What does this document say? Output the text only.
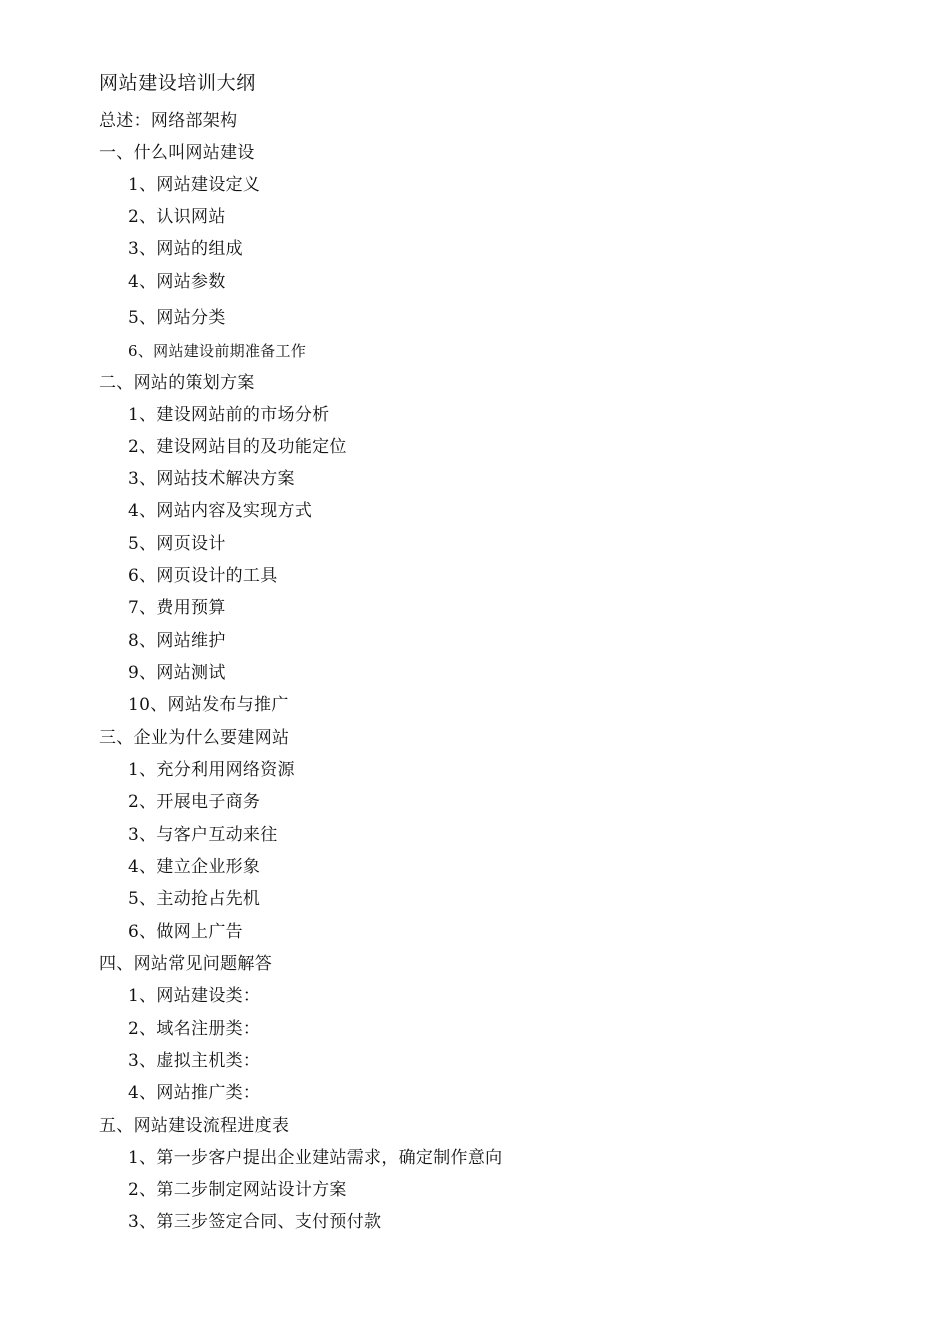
网站建设培训大纲
总述：网络部架构
一、什么叫网站建设
1、网站建设定义
2、认识网站
3、网站的组成
4、网站参数
5、网站分类
6、网站建设前期准备工作
二、网站的策划方案
1、建设网站前的市场分析
2、建设网站目的及功能定位
3、网站技术解决方案
4、网站内容及实现方式
5、网页设计
6、网页设计的工具
7、费用预算
8、网站维护
9、网站测试
10、网站发布与推广
三、企业为什么要建网站
1、充分利用网络资源
2、开展电子商务
3、与客户互动来往
4、建立企业形象
5、主动抢占先机
6、做网上广告
四、网站常见问题解答
1、网站建设类：
2、域名注册类：
3、虚拟主机类：
4、网站推广类：
五、网站建设流程进度表
1、第一步客户提出企业建站需求，确定制作意向
2、第二步制定网站设计方案
3、第三步签定合同、支付预付款
